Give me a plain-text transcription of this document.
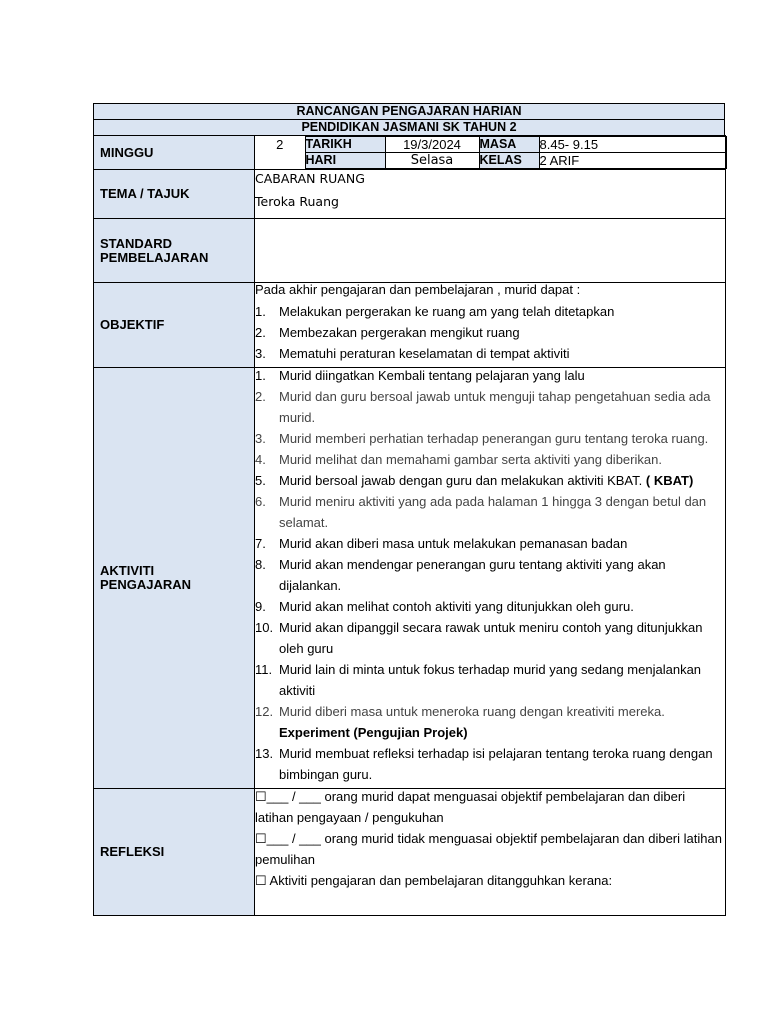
RANCANGAN PENGAJARAN HARIAN
PENDIDIKAN JASMANI SK TAHUN 2
MINGGU	
2	TARIKH	19/3/2024	MASA	8.45- 9.15
HARI	Selasa	KELAS	2 ARIF

TEMA / TAJUK	
CABARAN RUANG
Teroka Ruang

STANDARD
PEMBELAJARAN

OBJEKTIF	
Pada akhir pengajaran dan pembelajaran , murid dapat :
1.	Melakukan pergerakan ke ruang am yang telah ditetapkan
2.	Membezakan pergerakan mengikut ruang
3.	Mematuhi peraturan keselamatan di tempat aktiviti

AKTIVITI
PENGAJARAN

1.	Murid diingatkan Kembali tentang pelajaran yang lalu
2.	Murid dan guru bersoal jawab untuk menguji tahap pengetahuan sedia ada murid.
3.	Murid memberi perhatian terhadap penerangan guru tentang teroka ruang.
4.	Murid melihat dan memahami gambar serta aktiviti yang diberikan.
5.	Murid bersoal jawab dengan guru dan melakukan aktiviti KBAT. ( KBAT)
6.	Murid meniru aktiviti yang ada pada halaman 1 hingga 3 dengan betul dan selamat.
7.	Murid akan diberi masa untuk melakukan pemanasan badan
8.	Murid akan mendengar penerangan guru tentang aktiviti yang akan dijalankan.
9.	Murid akan melihat contoh aktiviti yang ditunjukkan oleh guru.
10. Murid akan dipanggil secara rawak untuk meniru contoh yang ditunjukkan oleh guru
11. Murid lain di minta untuk fokus terhadap murid yang sedang menjalankan aktiviti
12. Murid diberi masa untuk meneroka ruang dengan kreativiti mereka.
Experiment (Pengujian Projek)
13. Murid membuat refleksi terhadap isi pelajaran tentang teroka ruang dengan bimbingan guru.

REFLEKSI	
☐___ / ___ orang murid dapat menguasai objektif pembelajaran dan diberi latihan pengayaan / pengukuhan
☐___ / ___ orang murid tidak menguasai objektif pembelajaran dan diberi latihan pemulihan
☐ Aktiviti pengajaran dan pembelajaran ditangguhkan kerana:
